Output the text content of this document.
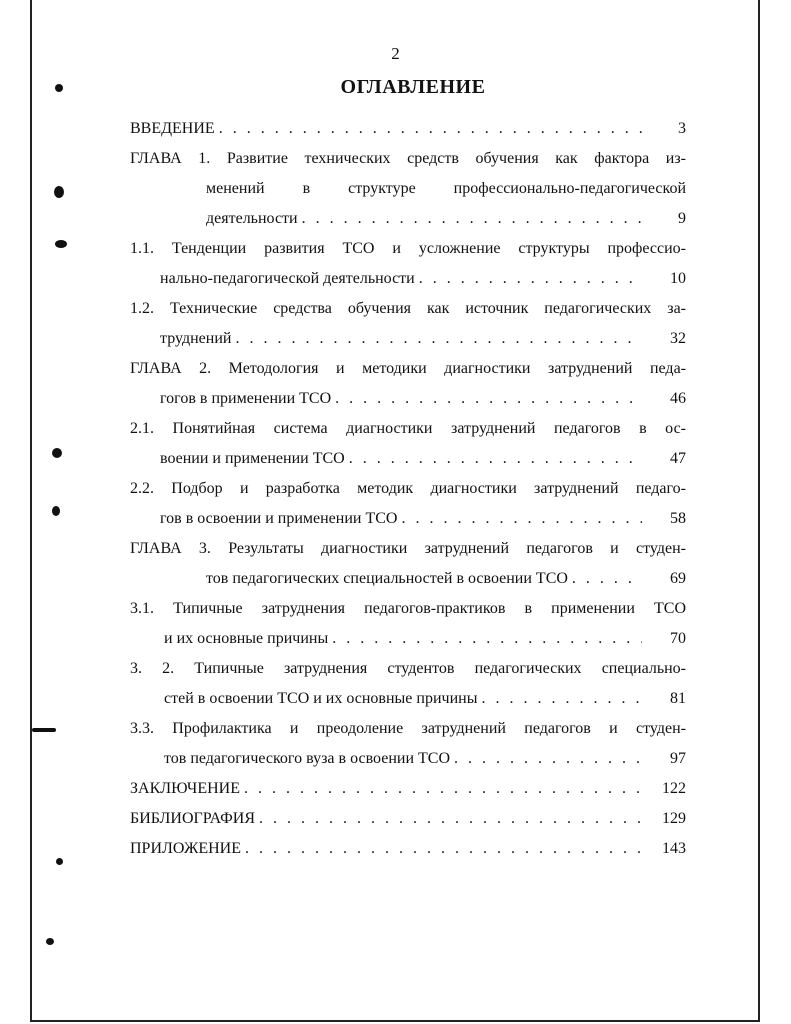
2
ОГЛАВЛЕНИЕ
ВВЕДЕНИЕ . . .	3
ГЛАВА 1. Развитие технических средств обучения как фактора из-
менений в структуре профессионально-педагогической
деятельности . . .	9
1.1. Тенденции развития ТСО и усложнение структуры профессио-
нально-педагогической деятельности . . .	10
1.2. Технические средства обучения как источник педагогических за-
труднений . . .	32
ГЛАВА 2. Методология и методики диагностики затруднений педа-
гогов в применении ТСО . . .	46
2.1. Понятийная система диагностики затруднений педагогов в ос-
воении и применении ТСО . . .	47
2.2. Подбор и разработка методик диагностики затруднений педаго-
гов в освоении и применении ТСО . . .	58
ГЛАВА 3. Результаты диагностики затруднений педагогов и студен-
тов педагогических специальностей в освоении ТСО . . .	69
3.1. Типичные затруднения педагогов-практиков в применении ТСО
и их основные причины . . .	70
3. 2. Типичные затруднения студентов педагогических специально-
стей в освоении ТСО и их основные причины . . .	81
3.3. Профилактика и преодоление затруднений педагогов и студен-
тов педагогического вуза в освоении ТСО . . .	97
ЗАКЛЮЧЕНИЕ . . .	122
БИБЛИОГРАФИЯ . . .	129
ПРИЛОЖЕНИЕ . . .	143
